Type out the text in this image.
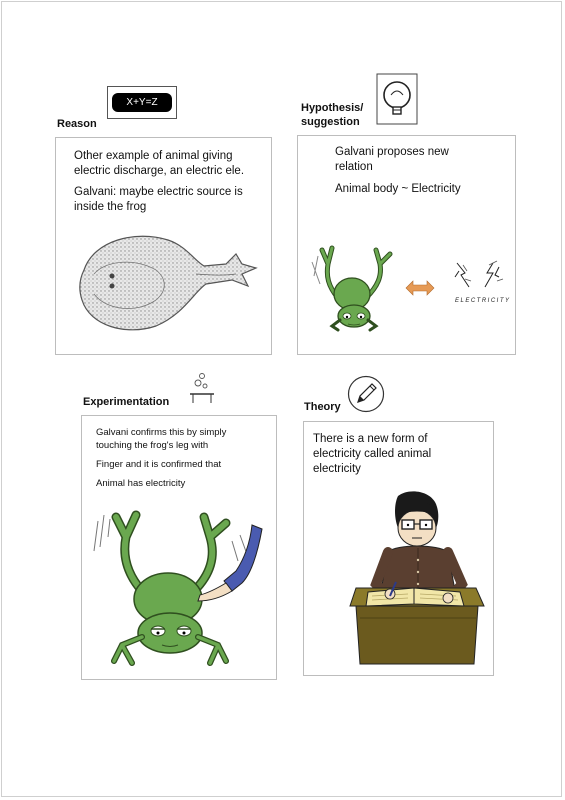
Reason
X+Y=Z

Other example of animal giving

electric discharge, an electric ele.

Galvani: maybe electric source is

inside the frog

Hypothesis/
suggestion

Galvani proposes new

relation

Animal body ~ Electricity

ELECTRICITY
Experimentation

Galvani confirms this by simply

touching the frog's leg with

Finger and it is confirmed that

Animal has electricity

Theory

There is a new form of

electricity called animal

electricity
